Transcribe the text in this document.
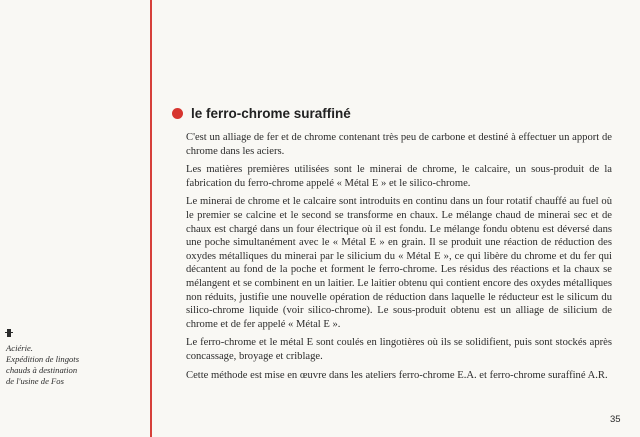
Aciérie.
Expédition de lingots
chauds à destination
de l'usine de Fos
le ferro-chrome suraffiné

C'est un alliage de fer et de chrome contenant très peu de carbone et destiné à effectuer un apport de chrome dans les aciers.

Les matières premières utilisées sont le minerai de chrome, le calcaire, un sous-produit de la fabrication du ferro-chrome appelé « Métal E » et le silico-chrome.

Le minerai de chrome et le calcaire sont introduits en continu dans un four rotatif chauffé au fuel où le premier se calcine et le second se transforme en chaux. Le mélange chaud de minerai sec et de chaux est chargé dans un four électrique où il est fondu. Le mélange fondu obtenu est déversé dans une poche simultanément avec le « Métal E » en grain. Il se produit une réaction de réduction des oxydes métalliques du minerai par le silicium du « Métal E », ce qui libère du chrome et du fer qui décantent au fond de la poche et forment le ferro-chrome. Les résidus des réactions et la chaux se mélangent et se combinent en un laitier. Le laitier obtenu qui contient encore des oxydes métalliques non réduits, justifie une nouvelle opération de réduction dans laquelle le réducteur est le silicum du silico-chrome liquide (voir silico-chrome). Le sous-produit obtenu est un alliage de silicium de chrome et de fer appelé « Métal E ».

Le ferro-chrome et le métal E sont coulés en lingotières où ils se solidifient, puis sont stockés après concassage, broyage et criblage.

Cette méthode est mise en œuvre dans les ateliers ferro-chrome E.A. et ferro-chrome suraffiné A.R.

35
